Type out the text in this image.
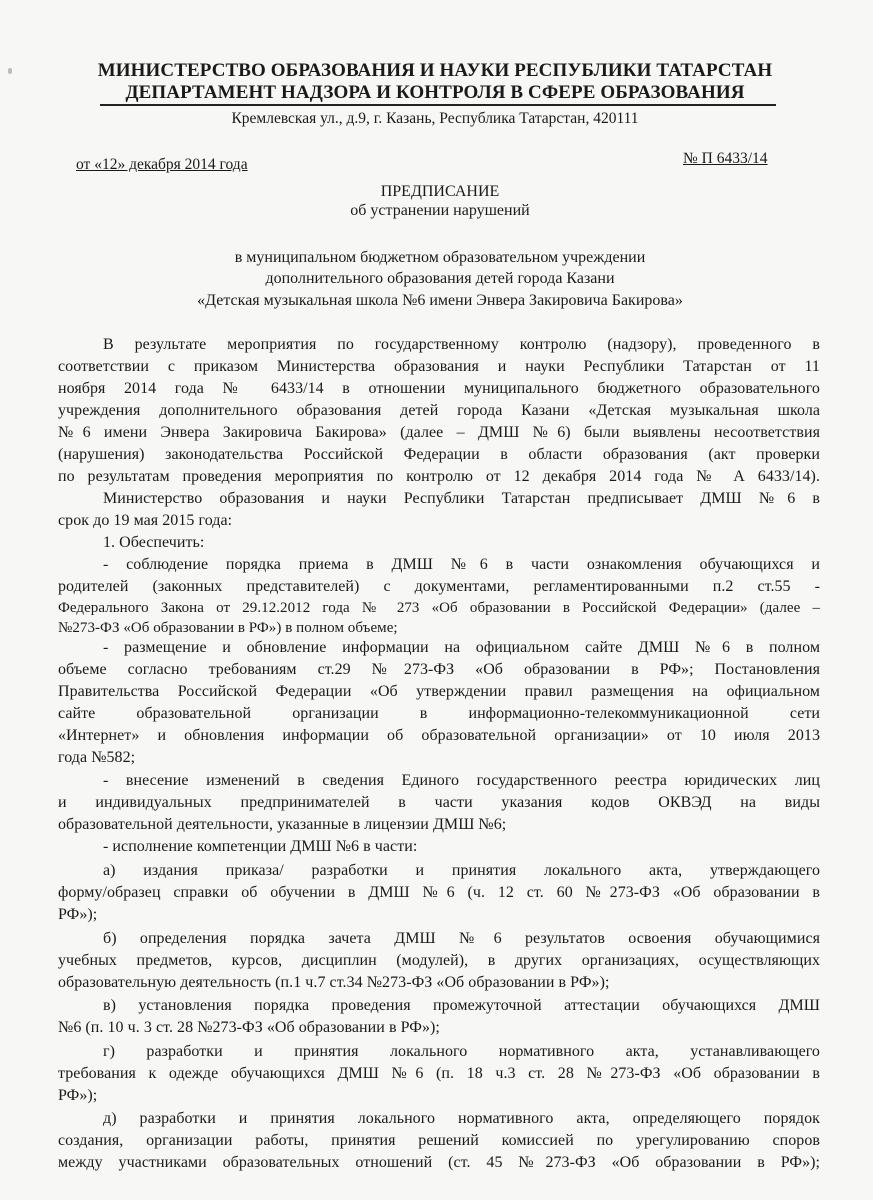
МИНИСТЕРСТВО ОБРАЗОВАНИЯ И НАУКИ РЕСПУБЛИКИ ТАТАРСТАН
ДЕПАРТАМЕНТ НАДЗОРА И КОНТРОЛЯ В СФЕРЕ ОБРАЗОВАНИЯ
Кремлевская ул., д.9, г. Казань, Республика Татарстан, 420111
от «12» декабря 2014 года	№ П 6433/14
ПРЕДПИСАНИЕ
об устранении нарушений
в муниципальном бюджетном образовательном учреждении
дополнительного образования детей города Казани
«Детская музыкальная школа №6 имени Энвера Закировича Бакирова»
В результате мероприятия по государственному контролю (надзору), проведенного в
соответствии с приказом Министерства образования и науки Республики Татарстан от 11
ноября 2014 года № 6433/14 в отношении муниципального бюджетного образовательного
учреждения дополнительного образования детей города Казани «Детская музыкальная школа
№6 имени Энвера Закировича Бакирова» (далее – ДМШ №6) были выявлены несоответствия
(нарушения) законодательства Российской Федерации в области образования (акт проверки
по результатам проведения мероприятия по контролю от 12 декабря 2014 года № А 6433/14).
Министерство образования и науки Республики Татарстан предписывает ДМШ №6 в
срок до 19 мая 2015 года:
1. Обеспечить:
- соблюдение порядка приема в ДМШ №6 в части ознакомления обучающихся и
родителей (законных представителей) с документами, регламентированными п.2 ст.55 -
Федерального Закона от 29.12.2012 года № 273 «Об образовании в Российской Федерации» (далее –
№273-ФЗ «Об образовании в РФ») в полном объеме;
- размещение и обновление информации на официальном сайте ДМШ №6 в полном
объеме согласно требованиям ст.29 №273-ФЗ «Об образовании в РФ»; Постановления
Правительства Российской Федерации «Об утверждении правил размещения на официальном
сайте образовательной организации в информационно-телекоммуникационной сети
«Интернет» и обновления информации об образовательной организации» от 10 июля 2013
года №582;
- внесение изменений в сведения Единого государственного реестра юридических лиц
и индивидуальных предпринимателей в части указания кодов ОКВЭД на виды
образовательной деятельности, указанные в лицензии ДМШ №6;
- исполнение компетенции ДМШ №6 в части:
а) издания приказа/ разработки и принятия локального акта, утверждающего
форму/образец справки об обучении в ДМШ №6 (ч. 12 ст. 60 №273-ФЗ «Об образовании в
РФ»);
б) определения порядка зачета ДМШ №6 результатов освоения обучающимися
учебных предметов, курсов, дисциплин (модулей), в других организациях, осуществляющих
образовательную деятельность (п.1 ч.7 ст.34 №273-ФЗ «Об образовании в РФ»);
в) установления порядка проведения промежуточной аттестации обучающихся ДМШ
№6 (п. 10 ч. 3 ст. 28 №273-ФЗ «Об образовании в РФ»);
г) разработки и принятия локального нормативного акта, устанавливающего
требования к одежде обучающихся ДМШ №6 (п. 18 ч.3 ст. 28 №273-ФЗ «Об образовании в
РФ»);
д) разработки и принятия локального нормативного акта, определяющего порядок
создания, организации работы, принятия решений комиссией по урегулированию споров
между участниками образовательных отношений (ст. 45 №273-ФЗ «Об образовании в РФ»);
